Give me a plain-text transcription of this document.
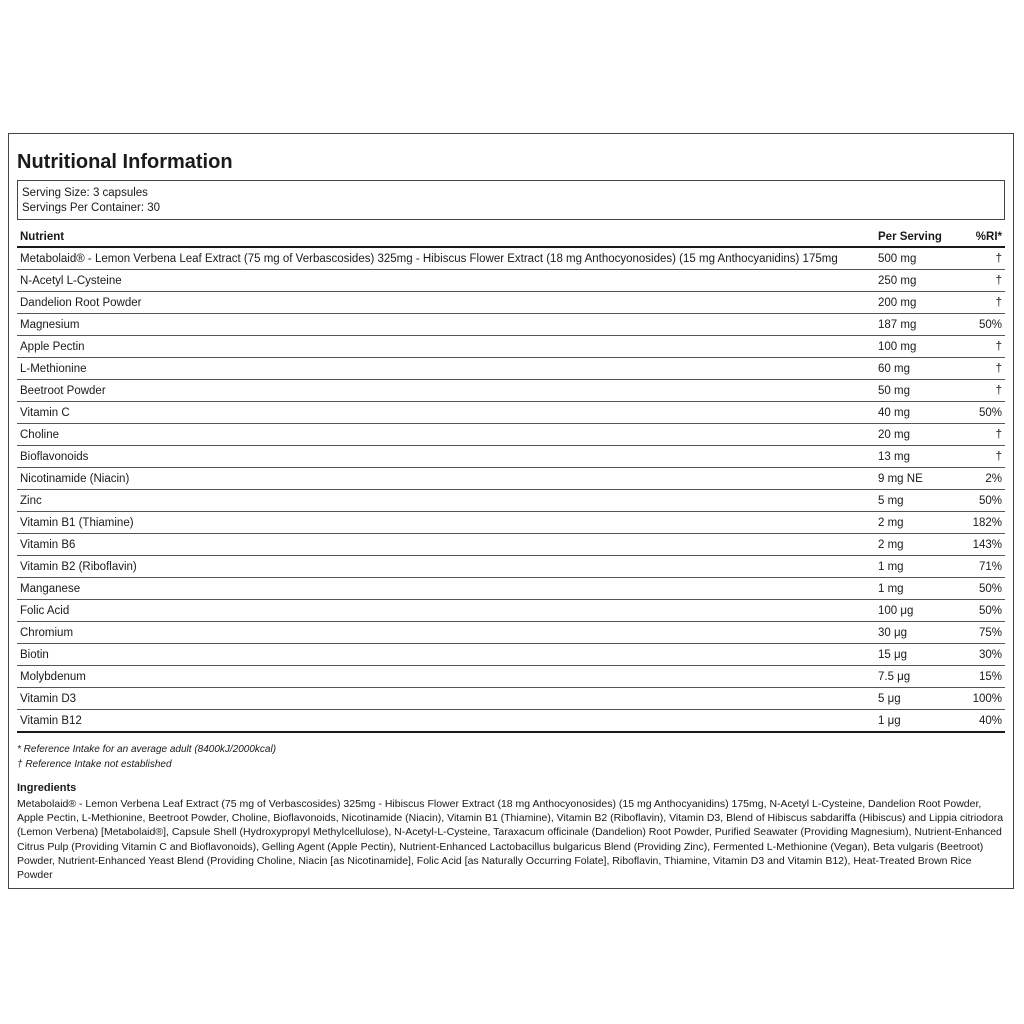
Nutritional Information
Serving Size: 3 capsules
Servings Per Container: 30
Nutrient	Per Serving	%RI*
Metabolaid® - Lemon Verbena Leaf Extract (75 mg of Verbascosides) 325mg - Hibiscus Flower Extract (18 mg Anthocyonosides) (15 mg Anthocyanidins) 175mg	500 mg	†
N-Acetyl L-Cysteine	250 mg	†
Dandelion Root Powder	200 mg	†
Magnesium	187 mg	50%
Apple Pectin	100 mg	†
L-Methionine	60 mg	†
Beetroot Powder	50 mg	†
Vitamin C	40 mg	50%
Choline	20 mg	†
Bioflavonoids	13 mg	†
Nicotinamide (Niacin)	9 mg NE	2%
Zinc	5 mg	50%
Vitamin B1 (Thiamine)	2 mg	182%
Vitamin B6	2 mg	143%
Vitamin B2 (Riboflavin)	1 mg	71%
Manganese	1 mg	50%
Folic Acid	100 μg	50%
Chromium	30 μg	75%
Biotin	15 μg	30%
Molybdenum	7.5 μg	15%
Vitamin D3	5 μg	100%
Vitamin B12	1 μg	40%
* Reference Intake for an average adult (8400kJ/2000kcal)
† Reference Intake not established
Ingredients
Metabolaid® - Lemon Verbena Leaf Extract (75 mg of Verbascosides) 325mg - Hibiscus Flower Extract (18 mg Anthocyonosides) (15 mg Anthocyanidins) 175mg, N-Acetyl L-Cysteine, Dandelion Root Powder, Apple Pectin, L-Methionine, Beetroot Powder, Choline, Bioflavonoids, Nicotinamide (Niacin), Vitamin B1 (Thiamine), Vitamin B2 (Riboflavin), Vitamin D3, Blend of Hibiscus sabdariffa (Hibiscus) and Lippia citriodora (Lemon Verbena) [Metabolaid®], Capsule Shell (Hydroxypropyl Methylcellulose), N-Acetyl-L-Cysteine, Taraxacum officinale (Dandelion) Root Powder, Purified Seawater (Providing Magnesium), Nutrient-Enhanced Citrus Pulp (Providing Vitamin C and Bioflavonoids), Gelling Agent (Apple Pectin), Nutrient-Enhanced Lactobacillus bulgaricus Blend (Providing Zinc), Fermented L-Methionine (Vegan), Beta vulgaris (Beetroot) Powder, Nutrient-Enhanced Yeast Blend (Providing Choline, Niacin [as Nicotinamide], Folic Acid [as Naturally Occurring Folate], Riboflavin, Thiamine, Vitamin D3 and Vitamin B12), Heat-Treated Brown Rice Powder
